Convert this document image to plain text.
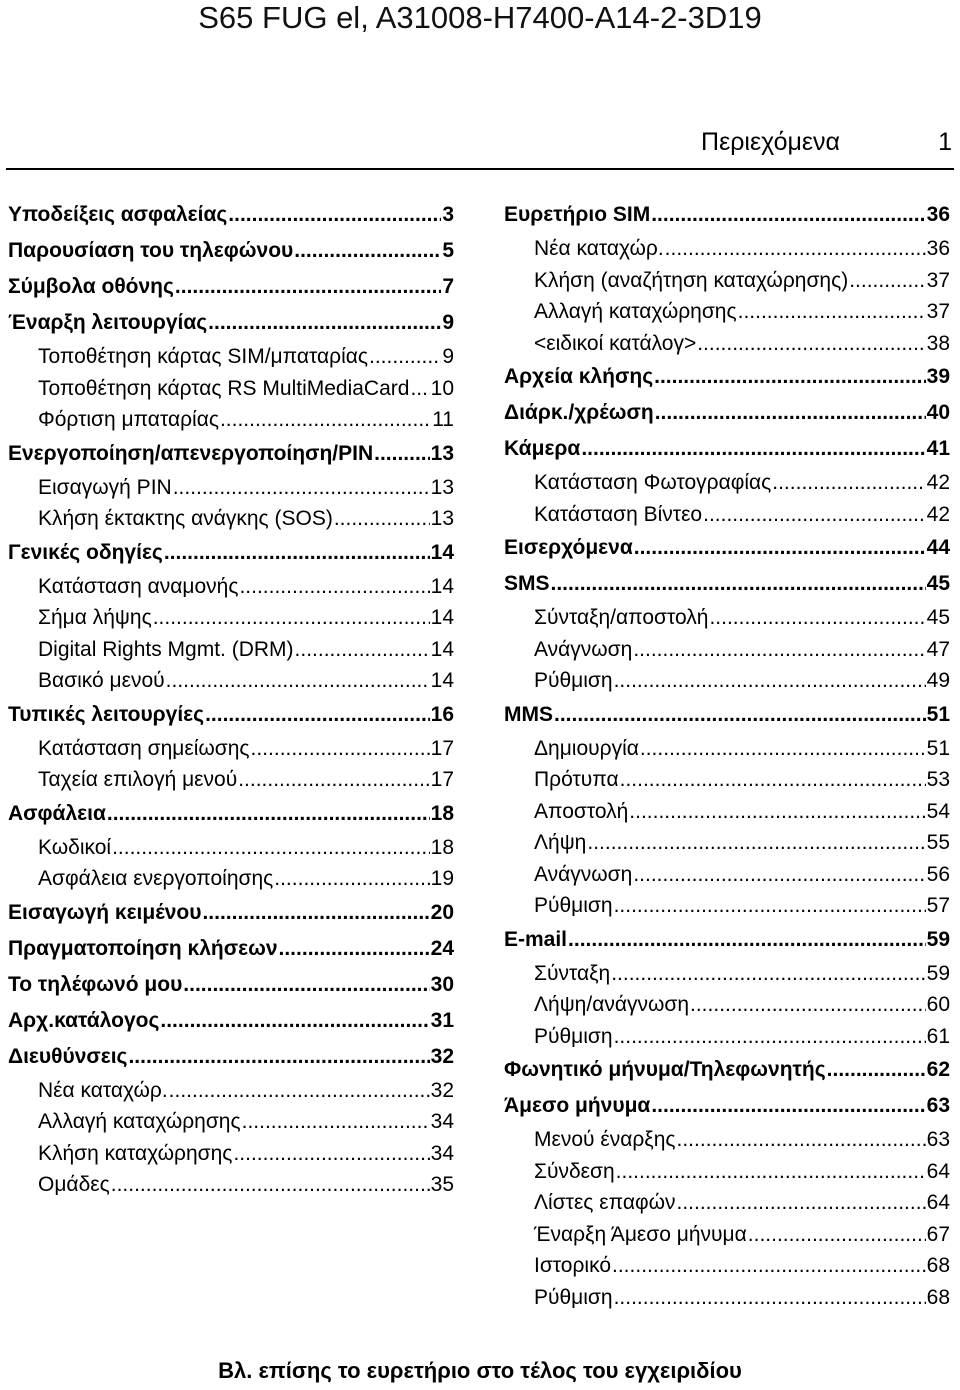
S65 FUG el, A31008-H7400-A14-2-3D19
Περιεχόμενα	1
Υποδείξεις ασφαλείας .....	3
Παρουσίαση του τηλεφώνου .....	5
Σύμβολα οθόνης .....	7
Έναρξη λειτουργίας .....	9
Τοποθέτηση κάρτας SIM/μπαταρίας .....	9
Τοποθέτηση κάρτας RS MultiMediaCard ..... 10
Φόρτιση μπαταρίας .....	11
Ενεργοποίηση/απενεργοποίηση/PIN .....	13
Εισαγωγή PIN .....	13
Κλήση έκτακτης ανάγκης (SOS) .....	13
Γενικές οδηγίες .....	14
Κατάσταση αναμονής .....	14
Σήμα λήψης .....	14
Digital Rights Mgmt. (DRM) .....	14
Βασικό μενού .....	14
Τυπικές λειτουργίες .....	16
Κατάσταση σημείωσης .....	17
Ταχεία επιλογή μενού .....	17
Ασφάλεια .....	18
Κωδικοί .....	18
Ασφάλεια ενεργοποίησης .....	19
Εισαγωγή κειμένου .....	20
Πραγματοποίηση κλήσεων .....	24
Το τηλέφωνό μου .....	30
Αρχ.κατάλογος .....	31
Διευθύνσεις .....	32
Νέα καταχώρ. .....	32
Αλλαγή καταχώρησης .....	34
Κλήση καταχώρησης .....	34
Ομάδες .....	35
Ευρετήριο SIM .....	36
Νέα καταχώρ. .....	36
Κλήση (αναζήτηση καταχώρησης) .....	37
Αλλαγή καταχώρησης .....	37
<ειδικοί κατάλογ> .....	38
Αρχεία κλήσης .....	39
Διάρκ./χρέωση .....	40
Κάμερα .....	41
Κατάσταση Φωτογραφίας .....	42
Κατάσταση Βίντεο .....	42
Εισερχόμενα .....	44
SMS .....	45
Σύνταξη/αποστολή .....	45
Ανάγνωση .....	47
Ρύθμιση .....	49
MMS .....	51
Δημιουργία .....	51
Πρότυπα .....	53
Αποστολή .....	54
Λήψη .....	55
Ανάγνωση .....	56
Ρύθμιση .....	57
E-mail .....	59
Σύνταξη .....	59
Λήψη/ανάγνωση .....	60
Ρύθμιση .....	61
Φωνητικό μήνυμα/Τηλεφωνητής .....	62
Άμεσο μήνυμα .....	63
Μενού έναρξης .....	63
Σύνδεση .....	64
Λίστες επαφών .....	64
Έναρξη Άμεσο μήνυμα .....	67
Ιστορικό .....	68
Ρύθμιση .....	68
Βλ. επίσης το ευρετήριο στο τέλος του εγχειριδίου
